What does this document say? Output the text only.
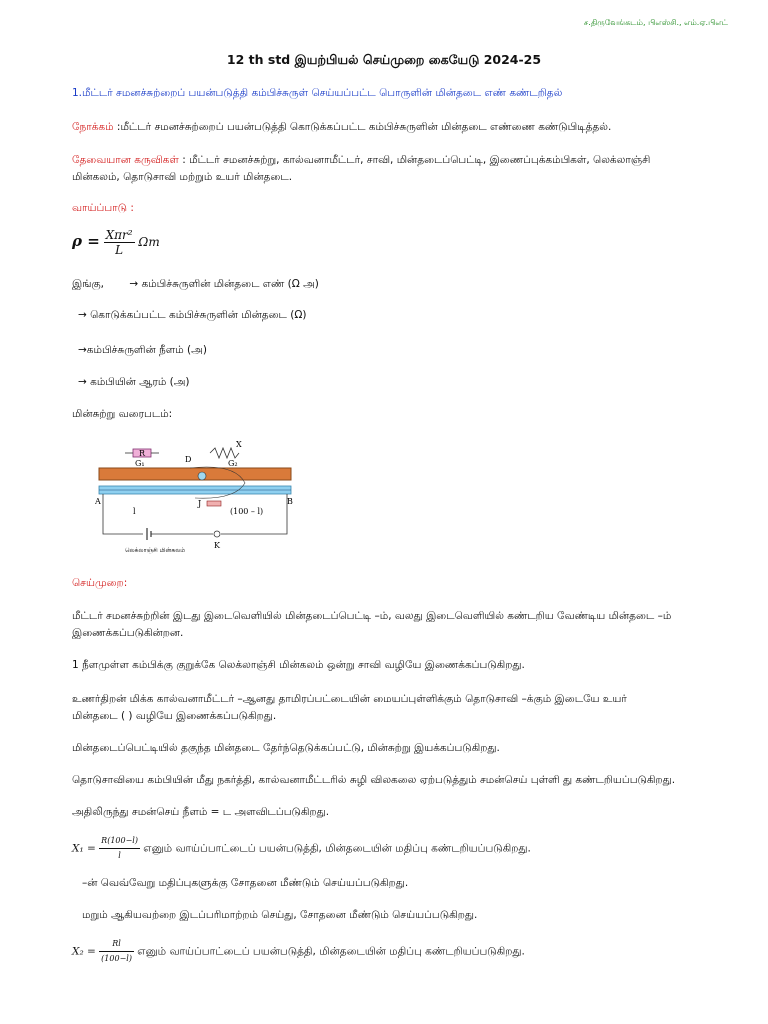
ச.திருவேங்கடம், பிஎஸ்சி., எம்.ஏ.பிஎட்
12 th std இயற்பியல் செய்முறை கையேடு 2024-25
1.மீட்டர் சமனச்சுற்றைப் பயன்படுத்தி கம்பிச்சுருள் செய்யப்பட்ட பொருளின் மின்தடை எண் கண்டறிதல்
நோக்கம் :மீட்டர் சமனச்சுற்றைப் பயன்படுத்தி கொடுக்கப்பட்ட கம்பிச்சுருளின் மின்தடை எண்ணை கண்டுபிடித்தல்.
தேவையான கருவிகள் : மீட்டர் சமனச்சுற்று, கால்வனாமீட்டர், சாவி, மின்தடைப்பெட்டி, இணைப்புக்கம்பிகள், லெக்லாஞ்சி
மின்கலம், தொடுசாவி மற்றும் உயர் மின்தடை.
வாய்ப்பாடு :
$\rho = \frac{\text{Xπr²}}{L}$ Ωm
இங்கு, → கம்பிச்சுருளின் மின்தடை எண் (Ω அ)
→ கொடுக்கப்பட்ட கம்பிச்சுருளின் மின்தடை (Ω)
→கம்பிச்சுருளின் நீளம் (அ)
→ கம்பியின் ஆரம் (அ)
மின்சுற்று வரைபடம்:
R
X
D
G₁	G₂
A	B
J
l	(100 – l)
K
லெக்லாஞ்சி மின்கலம்
செய்முறை:
மீட்டர் சமனச்சுற்றின் இடது இடைவெளியில் மின்தடைப்பெட்டி –ம், வலது இடைவெளியில் கண்டறிய வேண்டிய மின்தடை –ம்
இணைக்கப்படுகின்றன.
1 நீளமுள்ள கம்பிக்கு குறுக்கே லெக்லாஞ்சி மின்கலம் ஒன்று சாவி வழியே இணைக்கப்படுகிறது.
உணர்திறன் மிக்க கால்வனாமீட்டர் –ஆனது தாமிரப்பட்டையின் மையப்புள்ளிக்கும் தொடுசாவி –க்கும் இடையே உயர்
மின்தடை ( ) வழியே இணைக்கப்படுகிறது.
மின்தடைப்பெட்டியில் தகுந்த மின்தடை தேர்ந்தெடுக்கப்பட்டு, மின்சுற்று இயக்கப்படுகிறது.
தொடுசாவியை கம்பியின் மீது நகர்த்தி, கால்வனாமீட்டரில் சுழி விலகலை ஏற்படுத்தும் சமன்செய் புள்ளி து கண்டறியப்படுகிறது.
அதிலிருந்து சமன்செய் நீளம் = ட அளவிடப்படுகிறது.
$X_1 = \frac{R(100-l)}{l}$ எனும் வாய்ப்பாட்டைப் பயன்படுத்தி, மின்தடையின் மதிப்பு கண்டறியப்படுகிறது.
–ன் வெவ்வேறு மதிப்புகளுக்கு சோதனை மீண்டும் செய்யப்படுகிறது.
மறும் ஆகியவற்றை இடப்பரிமாற்றம் செய்து, சோதனை மீண்டும் செய்யப்படுகிறது.
$X_2 = \frac{Rl}{(100-l)}$ எனும் வாய்ப்பாட்டைப் பயன்படுத்தி, மின்தடையின் மதிப்பு கண்டறியப்படுகிறது.
